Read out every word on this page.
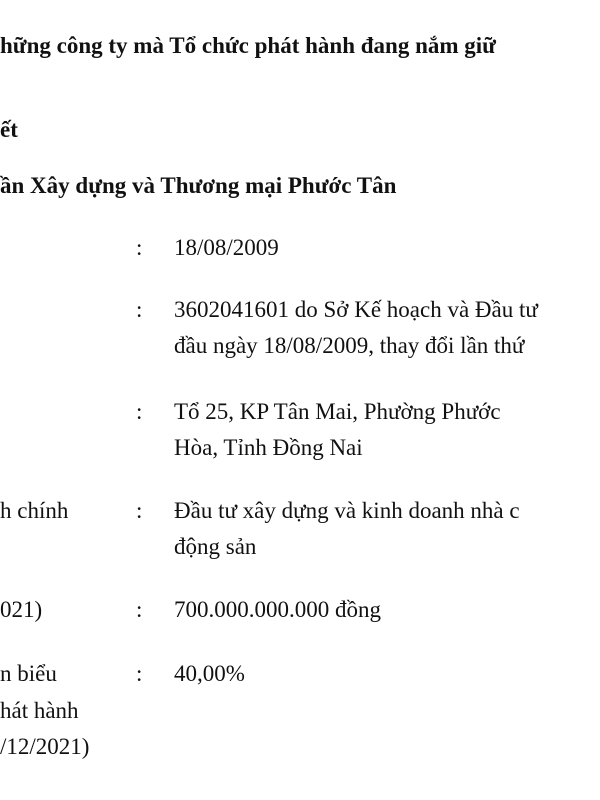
hững công ty mà Tổ chức phát hành đang nắm giữ
ết
ần Xây dựng và Thương mại Phước Tân
: 18/08/2009
: 3602041601 do Sở Kế hoạch và Đầu tư
đầu ngày 18/08/2009, thay đổi lần thứ
: Tổ 25, KP Tân Mai, Phường Phước
Hòa, Tỉnh Đồng Nai
h chính	: Đầu tư xây dựng và kinh doanh nhà c
động sản
021)	: 700.000.000.000 đồng
n biểu	: 40,00%
hát hành
/12/2021)
